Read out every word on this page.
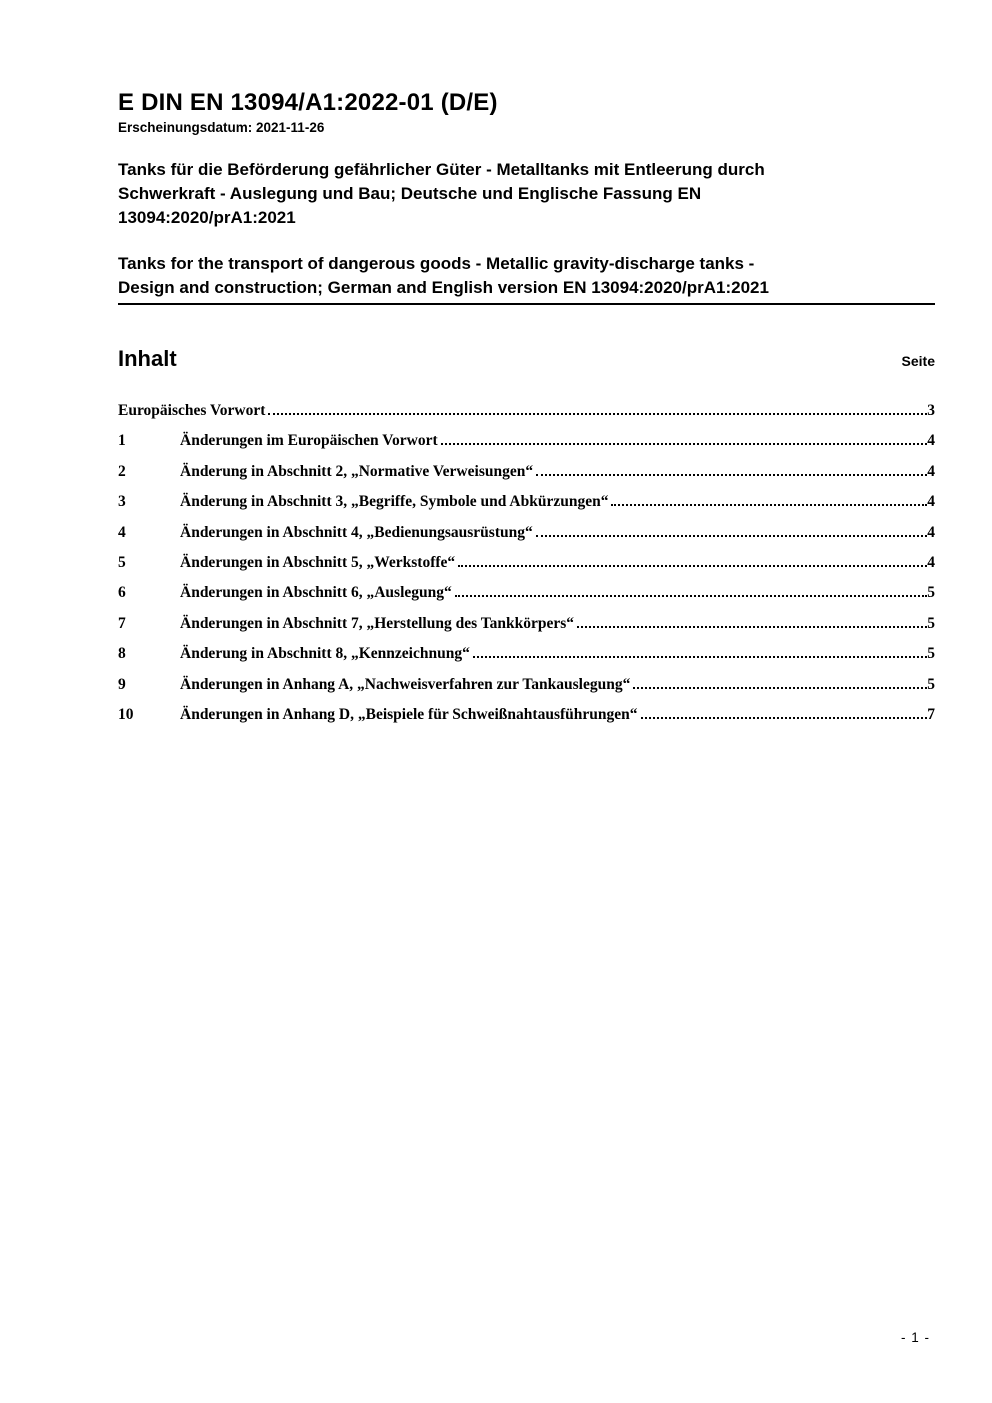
E DIN EN 13094/A1:2022-01 (D/E)
Erscheinungsdatum: 2021-11-26
Tanks für die Beförderung gefährlicher Güter - Metalltanks mit Entleerung durch
Schwerkraft - Auslegung und Bau; Deutsche und Englische Fassung EN
13094:2020/prA1:2021
Tanks for the transport of dangerous goods - Metallic gravity-discharge tanks -
Design and construction; German and English version EN 13094:2020/prA1:2021
Inhalt	Seite
Europäisches Vorwort	3
1	Änderungen im Europäischen Vorwort	4
2	Änderung in Abschnitt 2, „Normative Verweisungen“	4
3	Änderung in Abschnitt 3, „Begriffe, Symbole und Abkürzungen“	4
4	Änderungen in Abschnitt 4, „Bedienungsausrüstung“	4
5	Änderungen in Abschnitt 5, „Werkstoffe“	4
6	Änderungen in Abschnitt 6, „Auslegung“	5
7	Änderungen in Abschnitt 7, „Herstellung des Tankkörpers“	5
8	Änderung in Abschnitt 8, „Kennzeichnung“	5
9	Änderungen in Anhang A, „Nachweisverfahren zur Tankauslegung“	5
10	Änderungen in Anhang D, „Beispiele für Schweißnahtausführungen“	7
- 1 -
